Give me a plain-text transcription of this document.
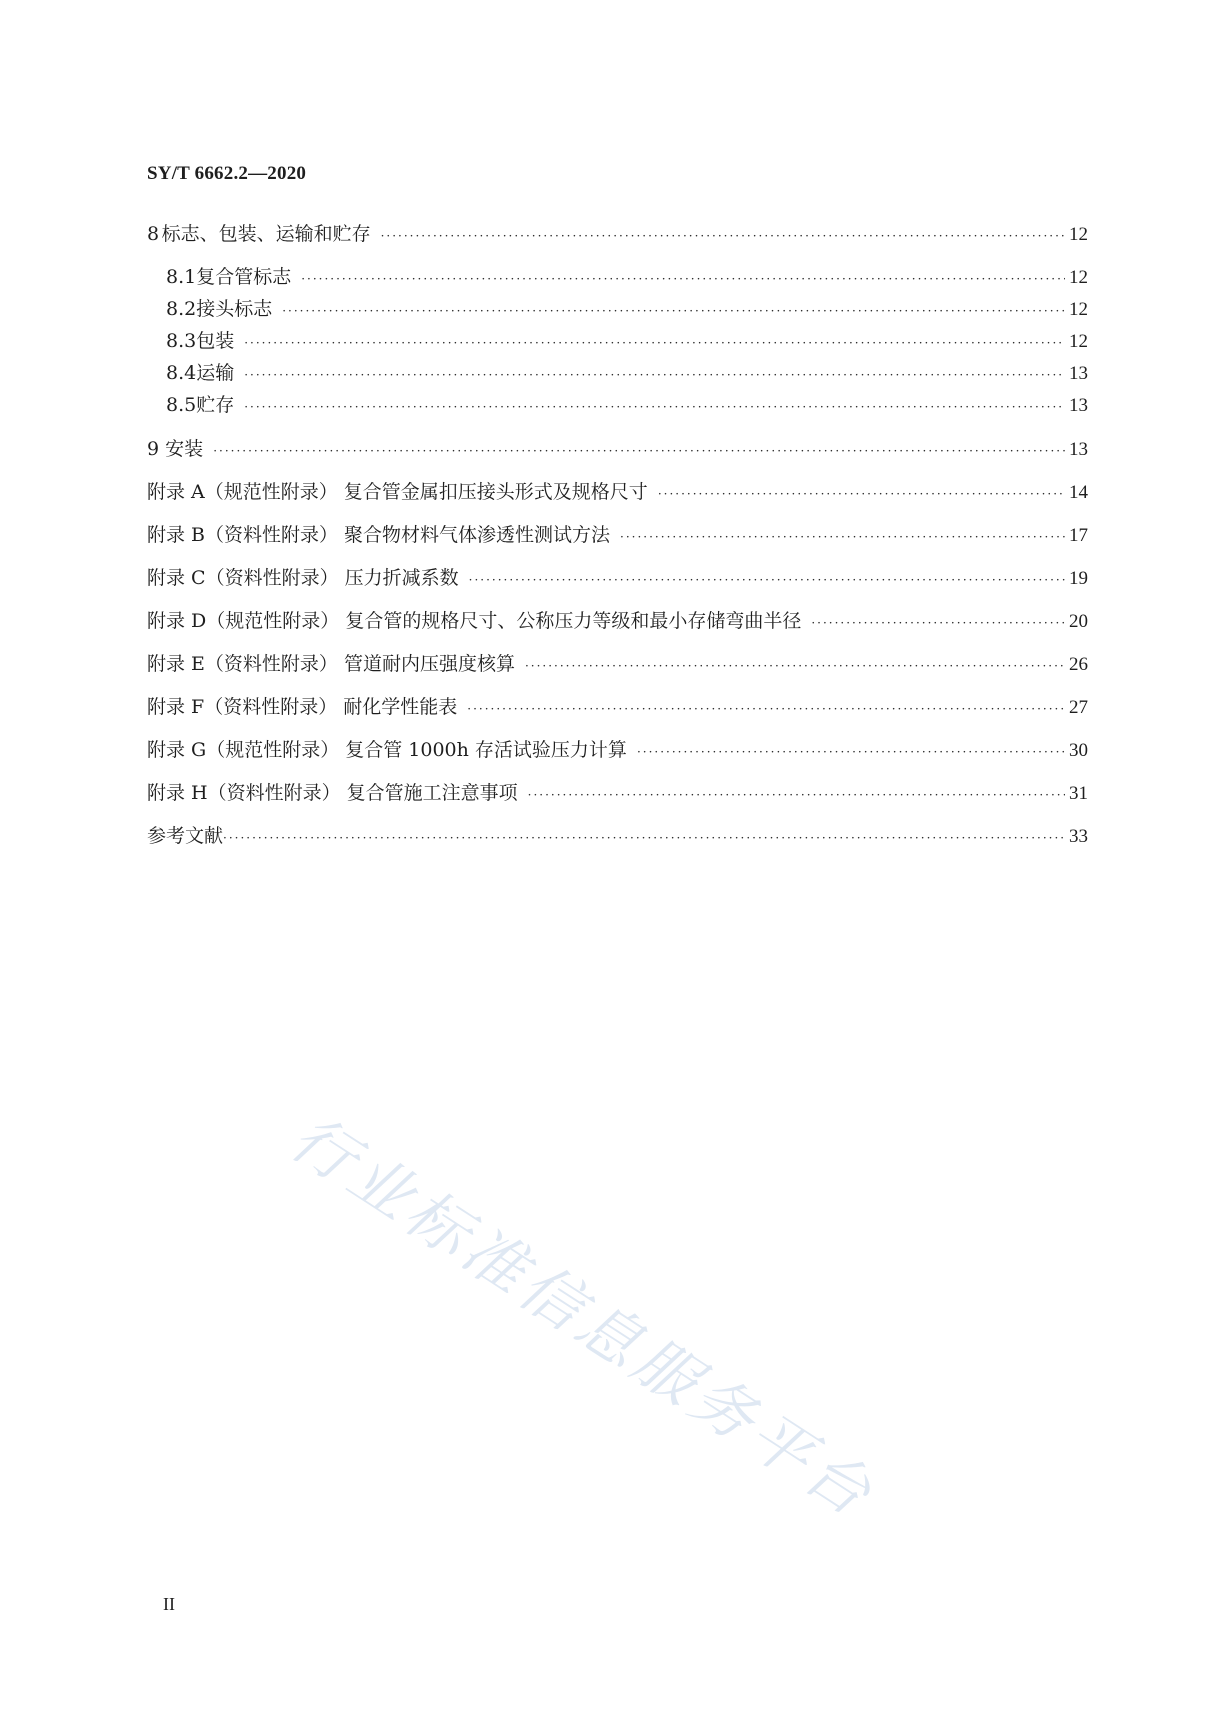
SY/T 6662.2—2020
8 标志、包装、运输和贮存 ·····	12
8.1 复合管标志 ·····	12
8.2 接头标志 ·····	12
8.3 包装 ·····	12
8.4 运输 ·····	13
8.5 贮存 ·····	13
9 安装 ·····	13
附录 A（规范性附录） 复合管金属扣压接头形式及规格尺寸 ·····	14
附录 B（资料性附录） 聚合物材料气体渗透性测试方法 ·····	17
附录 C（资料性附录） 压力折减系数 ·····	19
附录 D（规范性附录） 复合管的规格尺寸、公称压力等级和最小存储弯曲半径 ·····	20
附录 E（资料性附录） 管道耐内压强度核算 ·····	26
附录 F（资料性附录） 耐化学性能表 ·····	27
附录 G（规范性附录） 复合管 1000h 存活试验压力计算 ·····	30
附录 H（资料性附录） 复合管施工注意事项 ·····	31
参考文献 ·····	33
行业标准信息服务平台
II
